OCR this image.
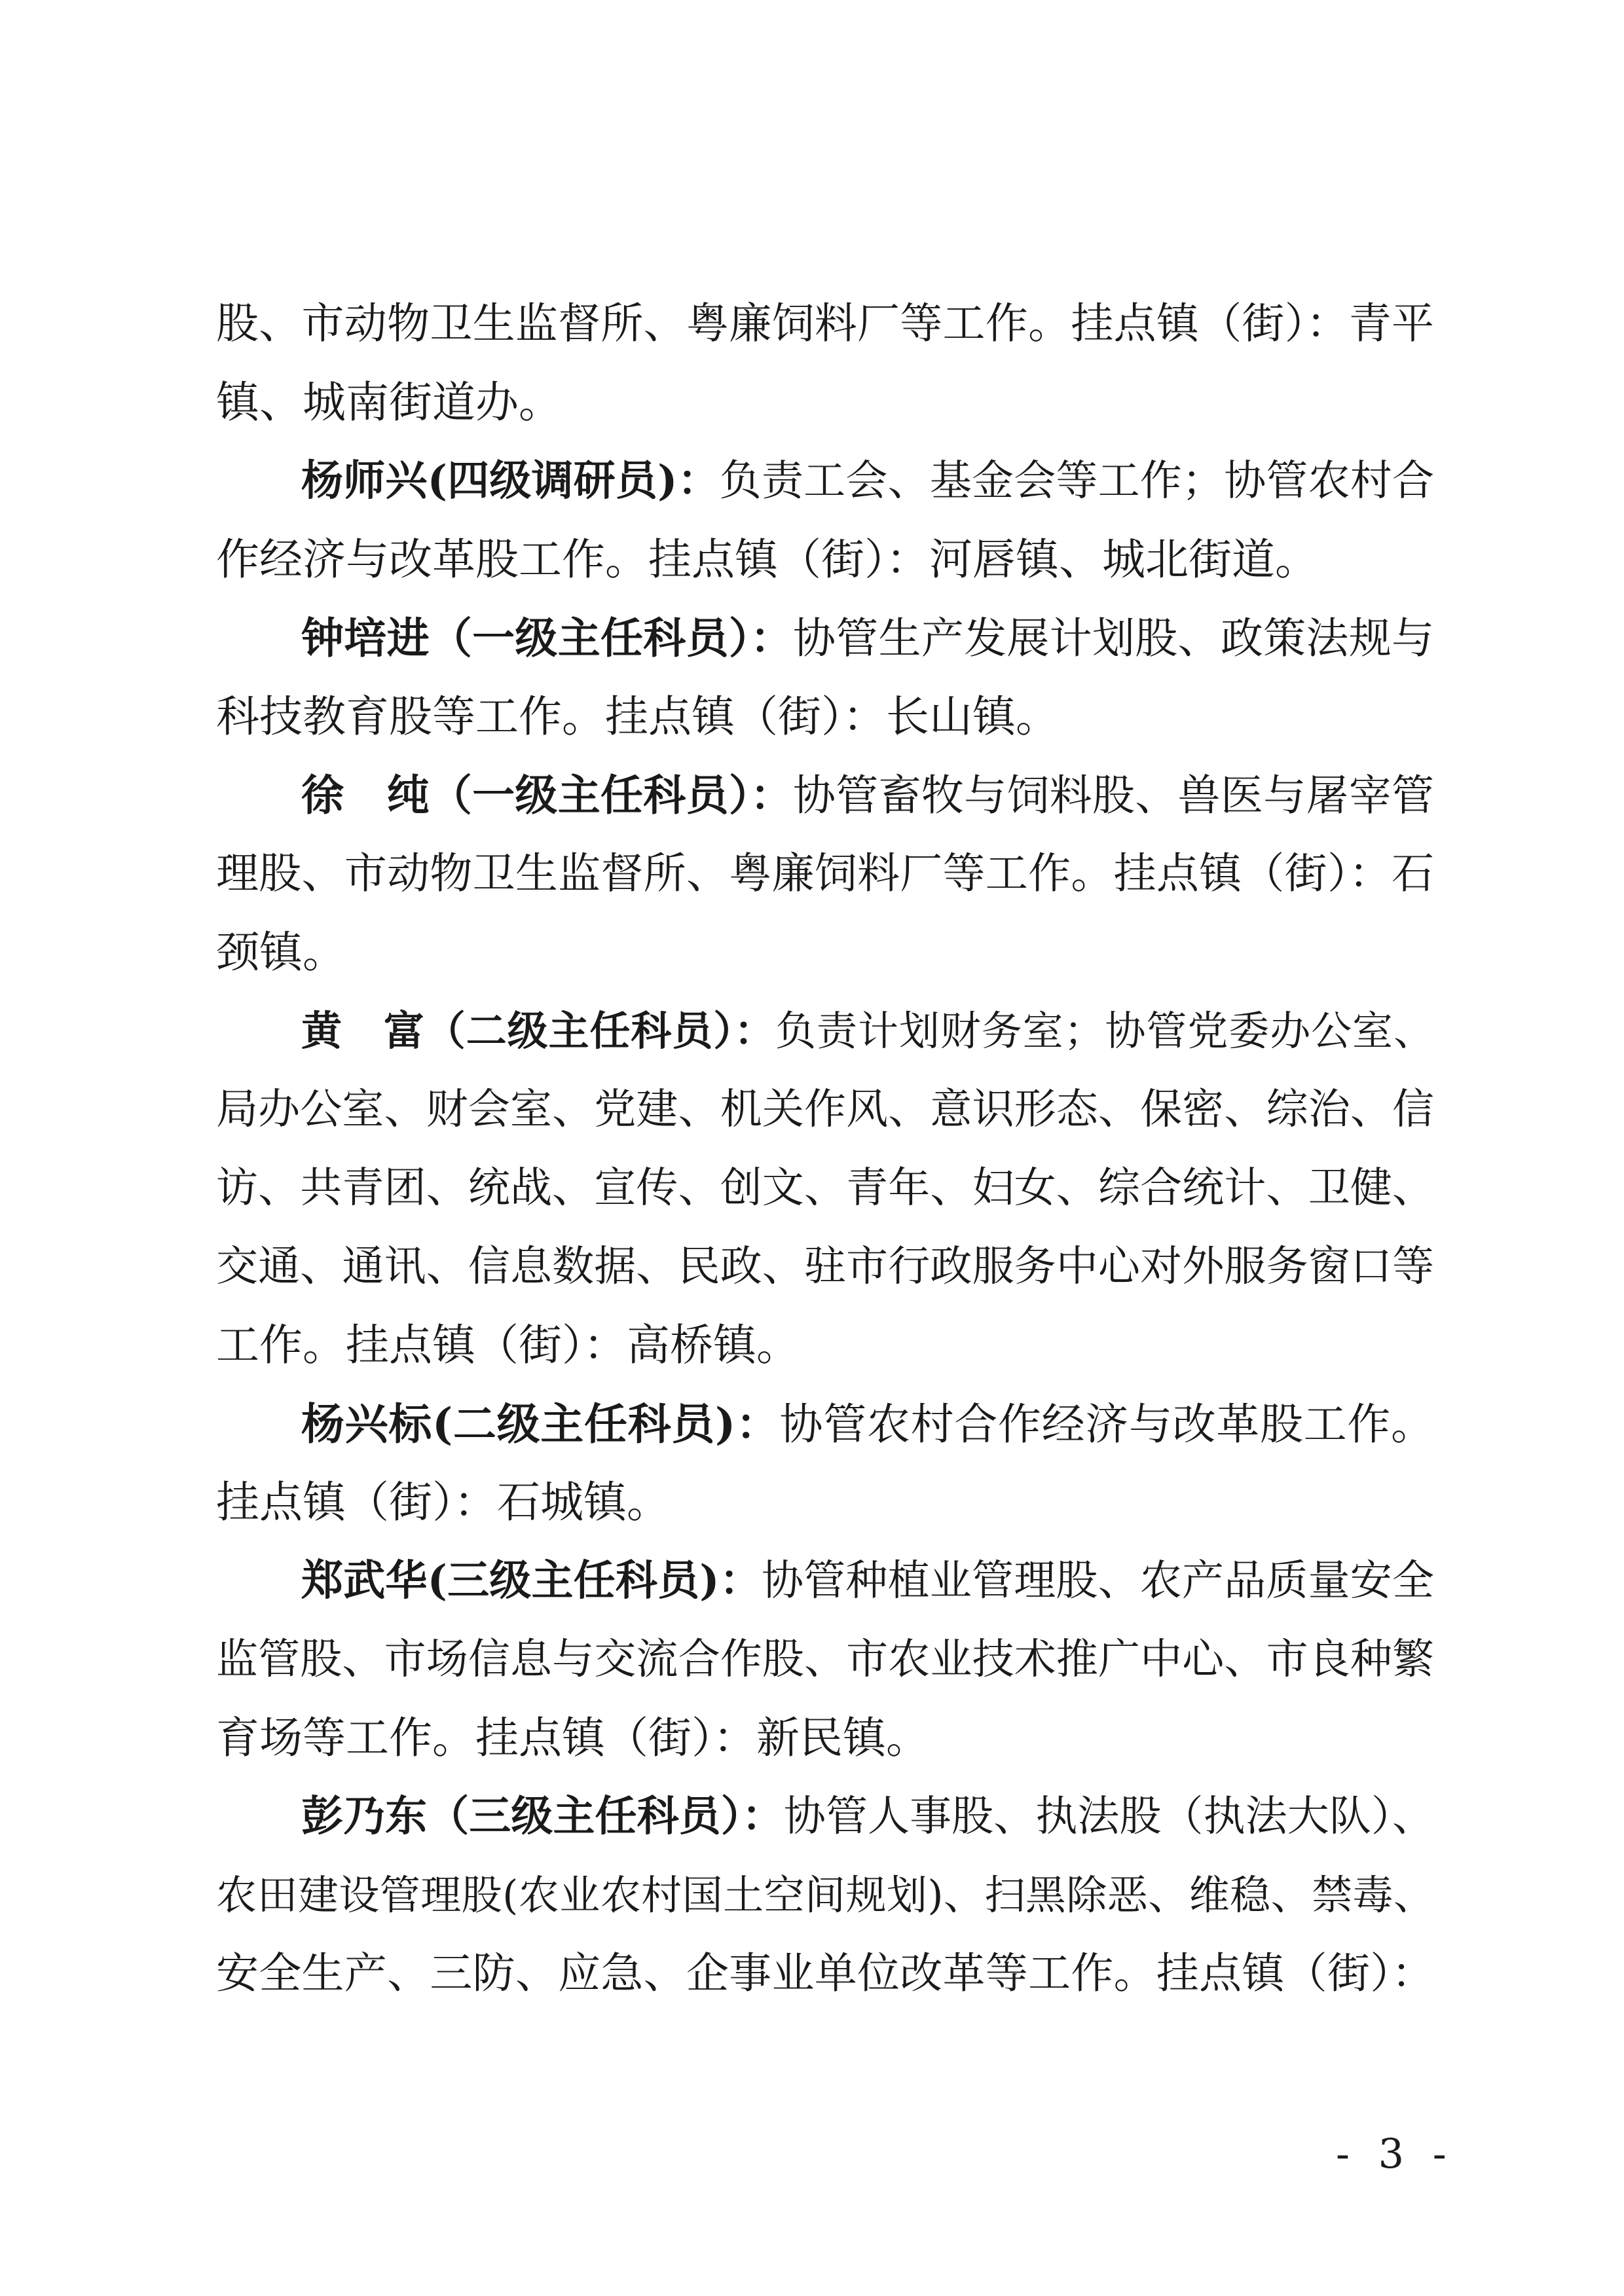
股、市动物卫生监督所、粤廉饲料厂等工作。挂点镇（街）：青平
镇、城南街道办。
杨师兴(四级调研员)：负责工会、基金会等工作；协管农村合
作经济与改革股工作。挂点镇（街）：河唇镇、城北街道。
钟培进（一级主任科员）：协管生产发展计划股、政策法规与
科技教育股等工作。挂点镇（街）：长山镇。
徐　纯（一级主任科员）：协管畜牧与饲料股、兽医与屠宰管
理股、市动物卫生监督所、粤廉饲料厂等工作。挂点镇（街）：石
颈镇。
黄　富（二级主任科员）：负责计划财务室；协管党委办公室、
局办公室、财会室、党建、机关作风、意识形态、保密、综治、信
访、共青团、统战、宣传、创文、青年、妇女、综合统计、卫健、
交通、通讯、信息数据、民政、驻市行政服务中心对外服务窗口等
工作。挂点镇（街）：高桥镇。
杨兴标(二级主任科员)：协管农村合作经济与改革股工作。
挂点镇（街）：石城镇。
郑武华(三级主任科员)：协管种植业管理股、农产品质量安全
监管股、市场信息与交流合作股、市农业技术推广中心、市良种繁
育场等工作。挂点镇（街）：新民镇。
彭乃东（三级主任科员）：协管人事股、执法股（执法大队）、
农田建设管理股(农业农村国土空间规划)、扫黑除恶、维稳、禁毒、
安全生产、三防、应急、企事业单位改革等工作。挂点镇（街）：
- 3 -
